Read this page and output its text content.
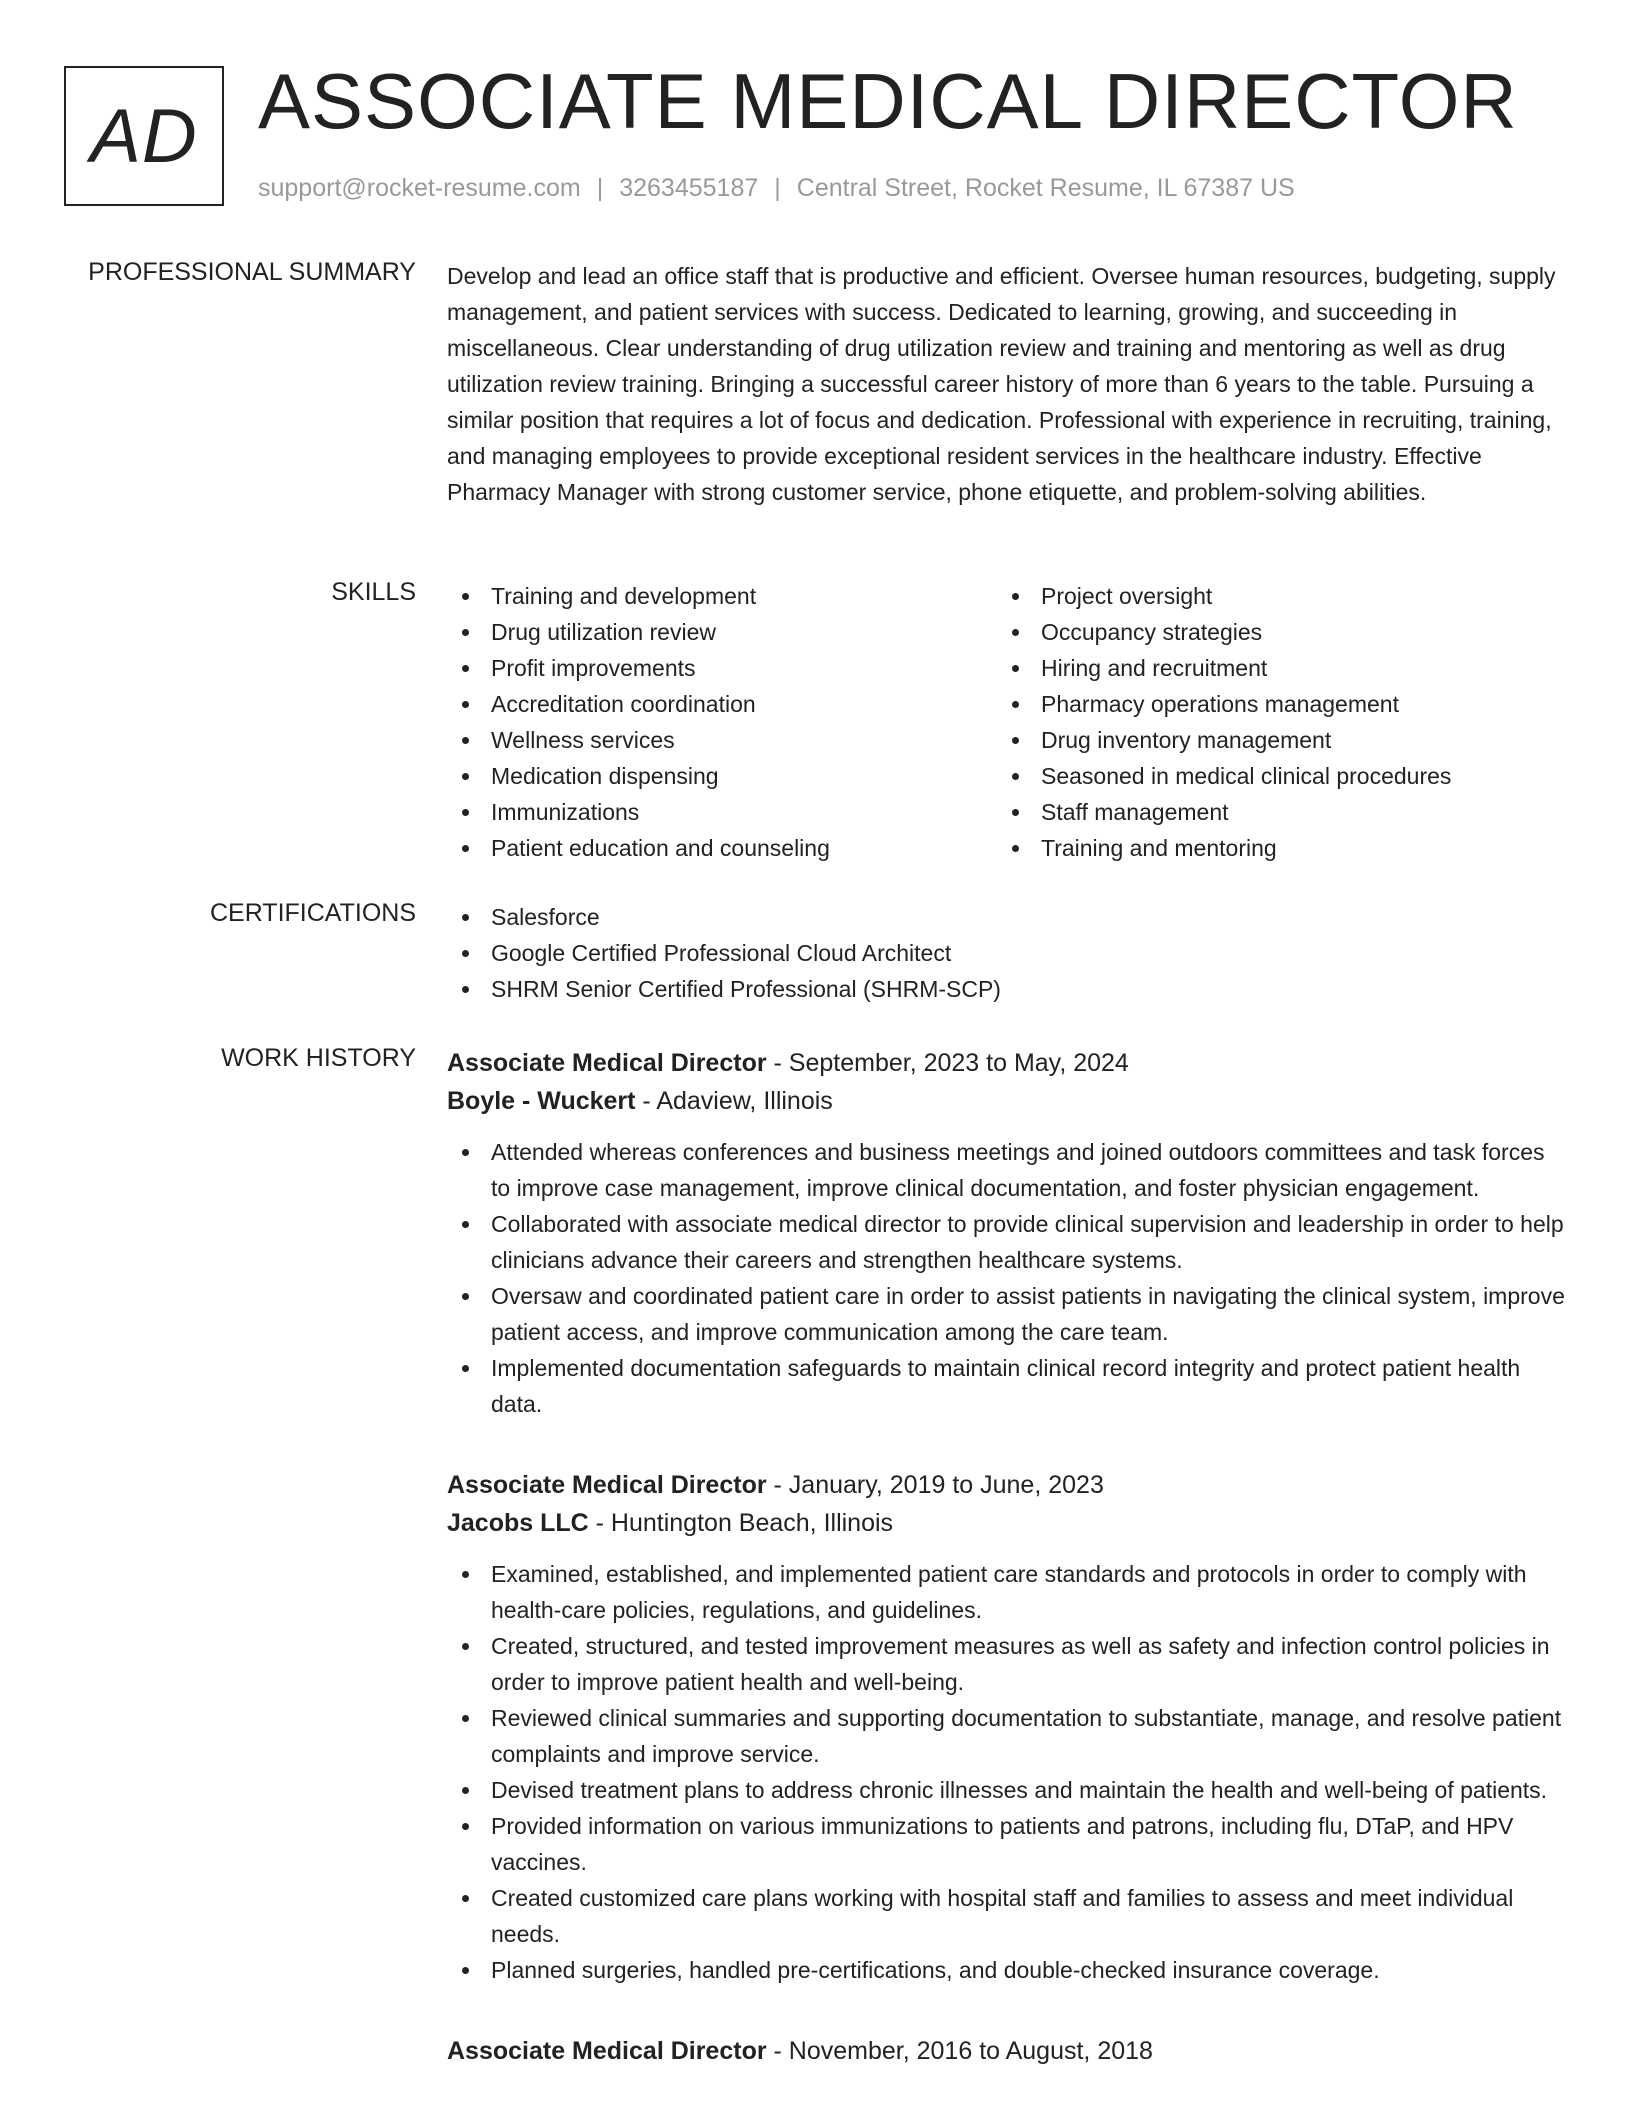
AD ASSOCIATE MEDICAL DIRECTOR
support@rocket-resume.com | 3263455187 | Central Street, Rocket Resume, IL 67387 US
PROFESSIONAL SUMMARY Develop and lead an office staff that is productive and efficient. Oversee human resources, budgeting, supply management, and patient services with success. Dedicated to learning, growing, and succeeding in miscellaneous. Clear understanding of drug utilization review and training and mentoring as well as drug utilization review training. Bringing a successful career history of more than 6 years to the table. Pursuing a similar position that requires a lot of focus and dedication. Professional with experience in recruiting, training, and managing employees to provide exceptional resident services in the healthcare industry. Effective Pharmacy Manager with strong customer service, phone etiquette, and problem-solving abilities.

SKILLS	Training and development
Drug utilization review
Profit improvements
Accreditation coordination
Wellness services
Medication dispensing
Immunizations
Patient education and counseling
Project oversight
Occupancy strategies
Hiring and recruitment
Pharmacy operations management
Drug inventory management
Seasoned in medical clinical procedures
Staff management
Training and mentoring
CERTIFICATIONS	Salesforce
Google Certified Professional Cloud Architect
SHRM Senior Certified Professional (SHRM-SCP)
WORK HISTORY Associate Medical Director - September, 2023 to May, 2024
Boyle - Wuckert - Adaview, Illinois
Attended whereas conferences and business meetings and joined outdoors committees and task forces to improve case management, improve clinical documentation, and foster physician engagement.
Collaborated with associate medical director to provide clinical supervision and leadership in order to help clinicians advance their careers and strengthen healthcare systems.
Oversaw and coordinated patient care in order to assist patients in navigating the clinical system, improve patient access, and improve communication among the care team.
Implemented documentation safeguards to maintain clinical record integrity and protect patient health data.
Associate Medical Director - January, 2019 to June, 2023
Jacobs LLC - Huntington Beach, Illinois
Examined, established, and implemented patient care standards and protocols in order to comply with health-care policies, regulations, and guidelines.
Created, structured, and tested improvement measures as well as safety and infection control policies in order to improve patient health and well-being.
Reviewed clinical summaries and supporting documentation to substantiate, manage, and resolve patient complaints and improve service.
Devised treatment plans to address chronic illnesses and maintain the health and well-being of patients.
Provided information on various immunizations to patients and patrons, including flu, DTaP, and HPV vaccines.
Created customized care plans working with hospital staff and families to assess and meet individual needs.
Planned surgeries, handled pre-certifications, and double-checked insurance coverage.
Associate Medical Director - November, 2016 to August, 2018
